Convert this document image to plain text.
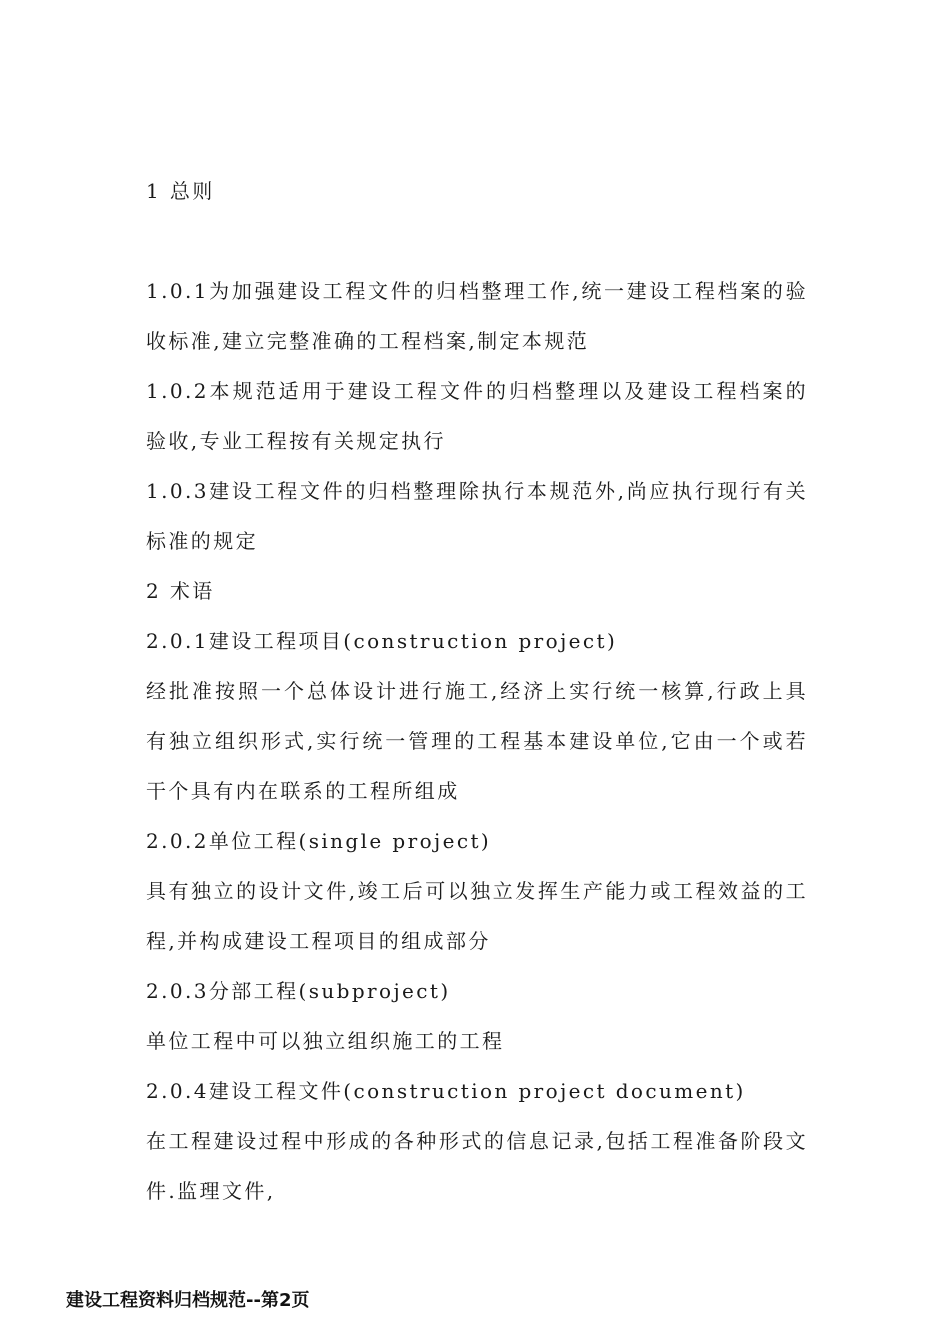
1 总则

1.0.1为加强建设工程文件的归档整理工作,统一建设工程档案的验收标准,建立完整准确的工程档案,制定本规范

1.0.2本规范适用于建设工程文件的归档整理以及建设工程档案的验收,专业工程按有关规定执行

1.0.3建设工程文件的归档整理除执行本规范外,尚应执行现行有关标准的规定

2 术语

2.0.1建设工程项目(construction project)

经批准按照一个总体设计进行施工,经济上实行统一核算,行政上具有独立组织形式,实行统一管理的工程基本建设单位,它由一个或若干个具有内在联系的工程所组成

2.0.2单位工程(single project)

具有独立的设计文件,竣工后可以独立发挥生产能力或工程效益的工程,并构成建设工程项目的组成部分

2.0.3分部工程(subproject)

单位工程中可以独立组织施工的工程

2.0.4建设工程文件(construction project document)

在工程建设过程中形成的各种形式的信息记录,包括工程准备阶段文件.监理文件,

建设工程资料归档规范--第2页
